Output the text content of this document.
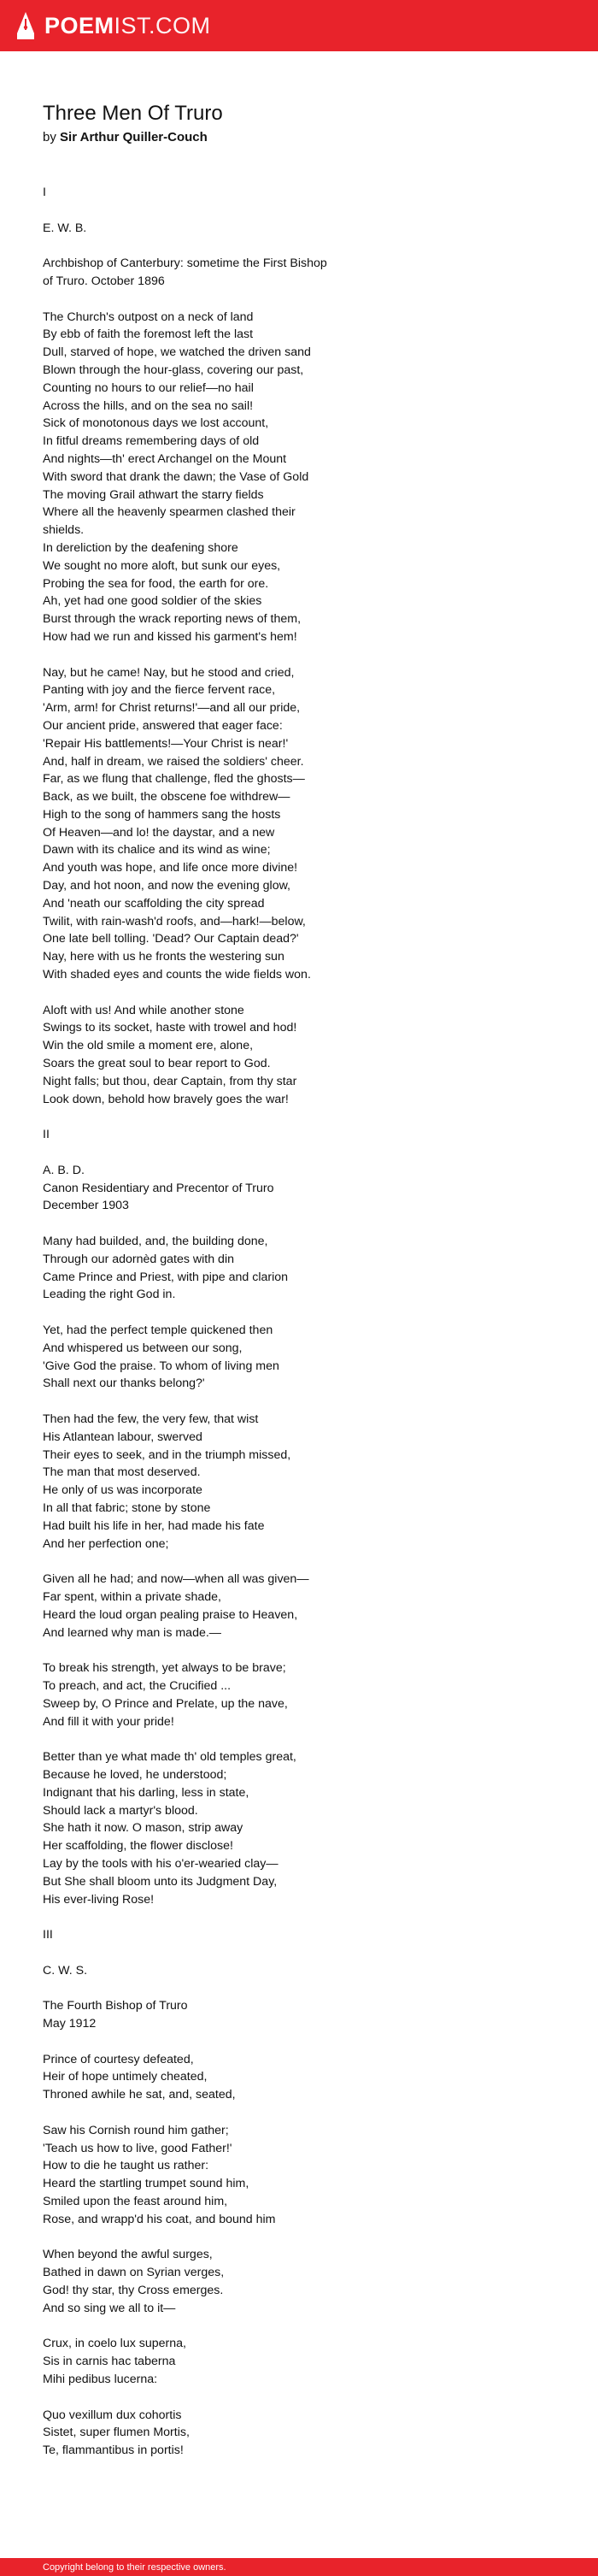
POEMIST.COM
Three Men Of Truro
by Sir Arthur Quiller-Couch
I

E. W. B.

Archbishop of Canterbury: sometime the First Bishop
of Truro. October 1896

The Church's outpost on a neck of land
By ebb of faith the foremost left the last
Dull, starved of hope, we watched the driven sand
Blown through the hour-glass, covering our past,
Counting no hours to our relief—no hail
Across the hills, and on the sea no sail!
Sick of monotonous days we lost account,
In fitful dreams remembering days of old
And nights—th' erect Archangel on the Mount
With sword that drank the dawn; the Vase of Gold
The moving Grail athwart the starry fields
Where all the heavenly spearmen clashed their
shields.
In dereliction by the deafening shore
We sought no more aloft, but sunk our eyes,
Probing the sea for food, the earth for ore.
Ah, yet had one good soldier of the skies
Burst through the wrack reporting news of them,
How had we run and kissed his garment's hem!

Nay, but he came! Nay, but he stood and cried,
Panting with joy and the fierce fervent race,
'Arm, arm! for Christ returns!'—and all our pride,
Our ancient pride, answered that eager face:
'Repair His battlements!—Your Christ is near!'
And, half in dream, we raised the soldiers' cheer.
Far, as we flung that challenge, fled the ghosts—
Back, as we built, the obscene foe withdrew—
High to the song of hammers sang the hosts
Of Heaven—and lo! the daystar, and a new
Dawn with its chalice and its wind as wine;
And youth was hope, and life once more divine!
Day, and hot noon, and now the evening glow,
And 'neath our scaffolding the city spread
Twilit, with rain-wash'd roofs, and—hark!—below,
One late bell tolling. 'Dead? Our Captain dead?'
Nay, here with us he fronts the westering sun
With shaded eyes and counts the wide fields won.

Aloft with us! And while another stone
Swings to its socket, haste with trowel and hod!
Win the old smile a moment ere, alone,
Soars the great soul to bear report to God.
Night falls; but thou, dear Captain, from thy star
Look down, behold how bravely goes the war!

II

A. B. D.
Canon Residentiary and Precentor of Truro
December 1903

Many had builded, and, the building done,
Through our adornèd gates with din
Came Prince and Priest, with pipe and clarion
Leading the right God in.

Yet, had the perfect temple quickened then
And whispered us between our song,
'Give God the praise. To whom of living men
Shall next our thanks belong?'

Then had the few, the very few, that wist
His Atlantean labour, swerved
Their eyes to seek, and in the triumph missed,
The man that most deserved.
He only of us was incorporate
In all that fabric; stone by stone
Had built his life in her, had made his fate
And her perfection one;

Given all he had; and now—when all was given—
Far spent, within a private shade,
Heard the loud organ pealing praise to Heaven,
And learned why man is made.—

To break his strength, yet always to be brave;
To preach, and act, the Crucified ...
Sweep by, O Prince and Prelate, up the nave,
And fill it with your pride!

Better than ye what made th' old temples great,
Because he loved, he understood;
Indignant that his darling, less in state,
Should lack a martyr's blood.
She hath it now. O mason, strip away
Her scaffolding, the flower disclose!
Lay by the tools with his o'er-wearied clay—
But She shall bloom unto its Judgment Day,
His ever-living Rose!

III

C. W. S.

The Fourth Bishop of Truro
May 1912

Prince of courtesy defeated,
Heir of hope untimely cheated,
Throned awhile he sat, and, seated,

Saw his Cornish round him gather;
'Teach us how to live, good Father!'
How to die he taught us rather:
Heard the startling trumpet sound him,
Smiled upon the feast around him,
Rose, and wrapp'd his coat, and bound him

When beyond the awful surges,
Bathed in dawn on Syrian verges,
God! thy star, thy Cross emerges.
And so sing we all to it—

Crux, in coelo lux superna,
Sis in carnis hac taberna
Mihi pedibus lucerna:

Quo vexillum dux cohortis
Sistet, super flumen Mortis,
Te, flammantibus in portis!
Copyright belong to their respective owners.
